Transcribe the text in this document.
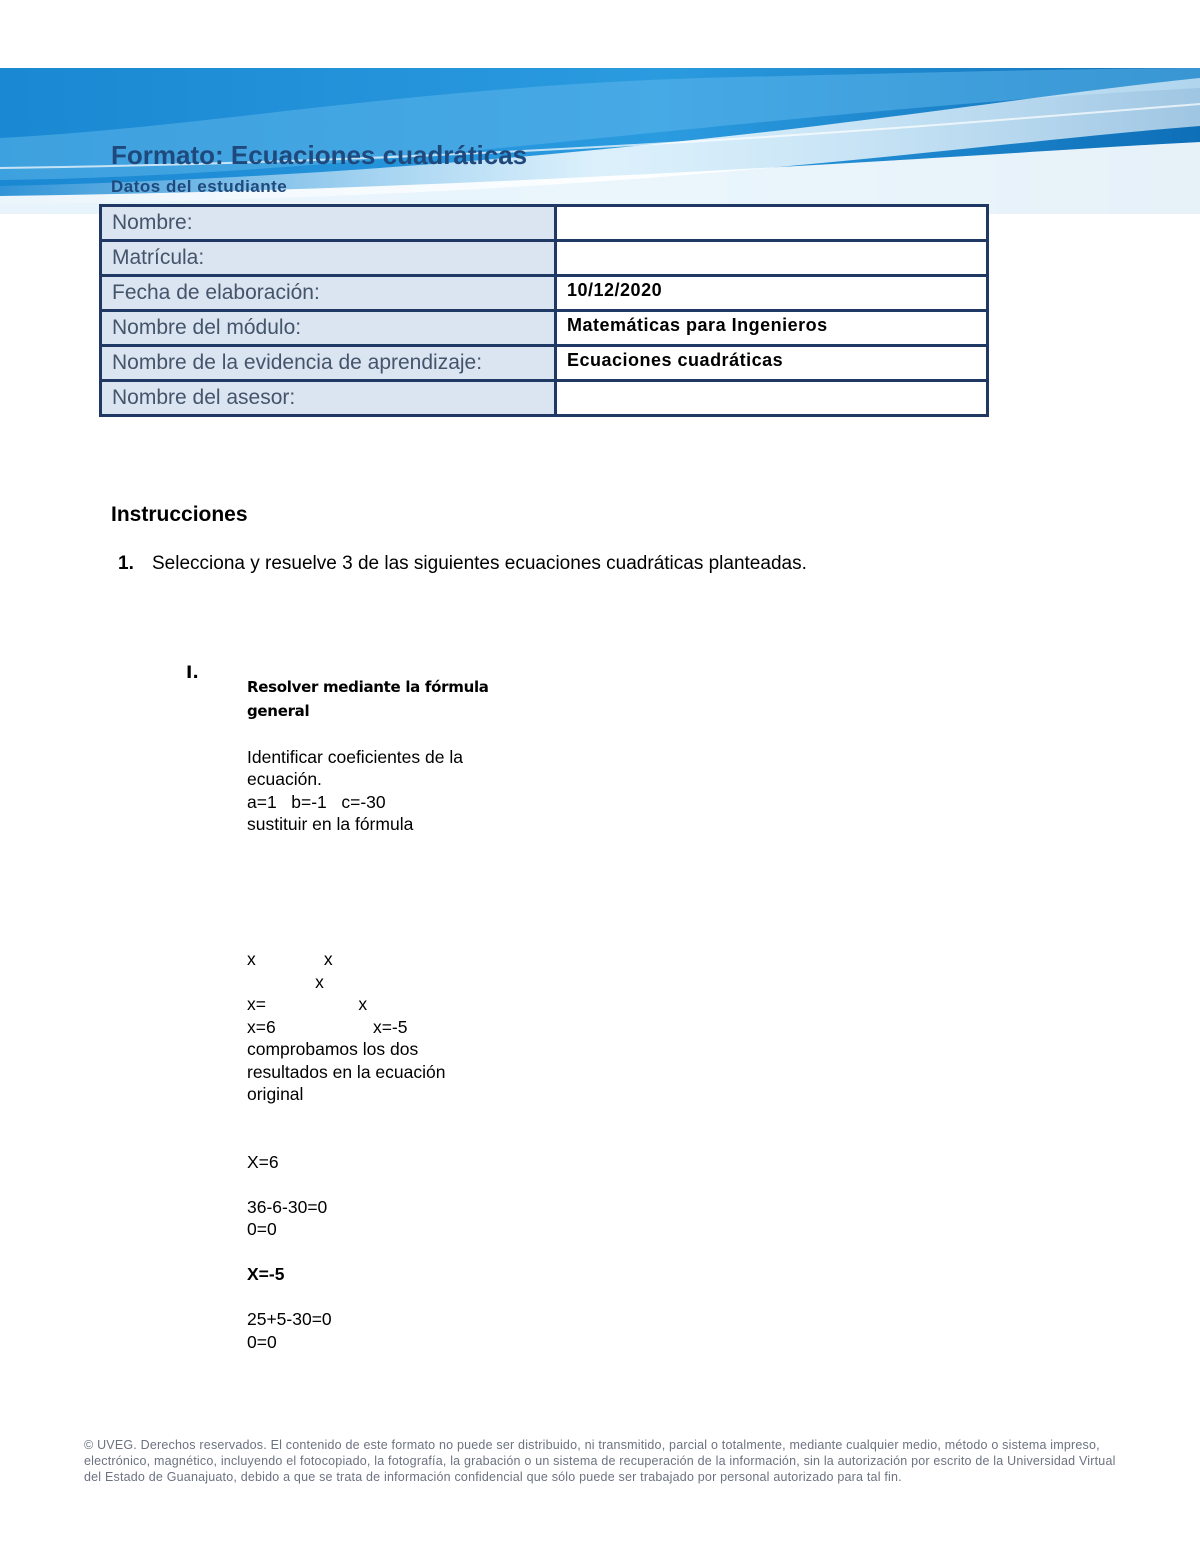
Formato: Ecuaciones cuadráticas
Datos del estudiante
Nombre:	
Matrícula:	
Fecha de elaboración:	10/12/2020
Nombre del módulo:	Matemáticas para Ingenieros
Nombre de la evidencia de aprendizaje:	Ecuaciones cuadráticas
Nombre del asesor:	
Instrucciones
1. Selecciona y resuelve 3 de las siguientes ecuaciones cuadráticas planteadas.
I.
Resolver mediante la fórmula
general
Identificar coeficientes de la
ecuación.
a=1   b=-1   c=-30
sustituir en la fórmula
x              x
x
x=                   x
x=6                    x=-5
comprobamos los dos
resultados en la ecuación
original
X=6
36-6-30=0
0=0
X=-5
25+5-30=0
0=0
© UVEG. Derechos reservados. El contenido de este formato no puede ser distribuido, ni transmitido, parcial o totalmente, mediante cualquier medio, método o sistema impreso, electrónico, magnético, incluyendo el fotocopiado, la fotografía, la grabación o un sistema de recuperación de la información, sin la autorización por escrito de la Universidad Virtual del Estado de Guanajuato, debido a que se trata de información confidencial que sólo puede ser trabajado por personal autorizado para tal fin.
